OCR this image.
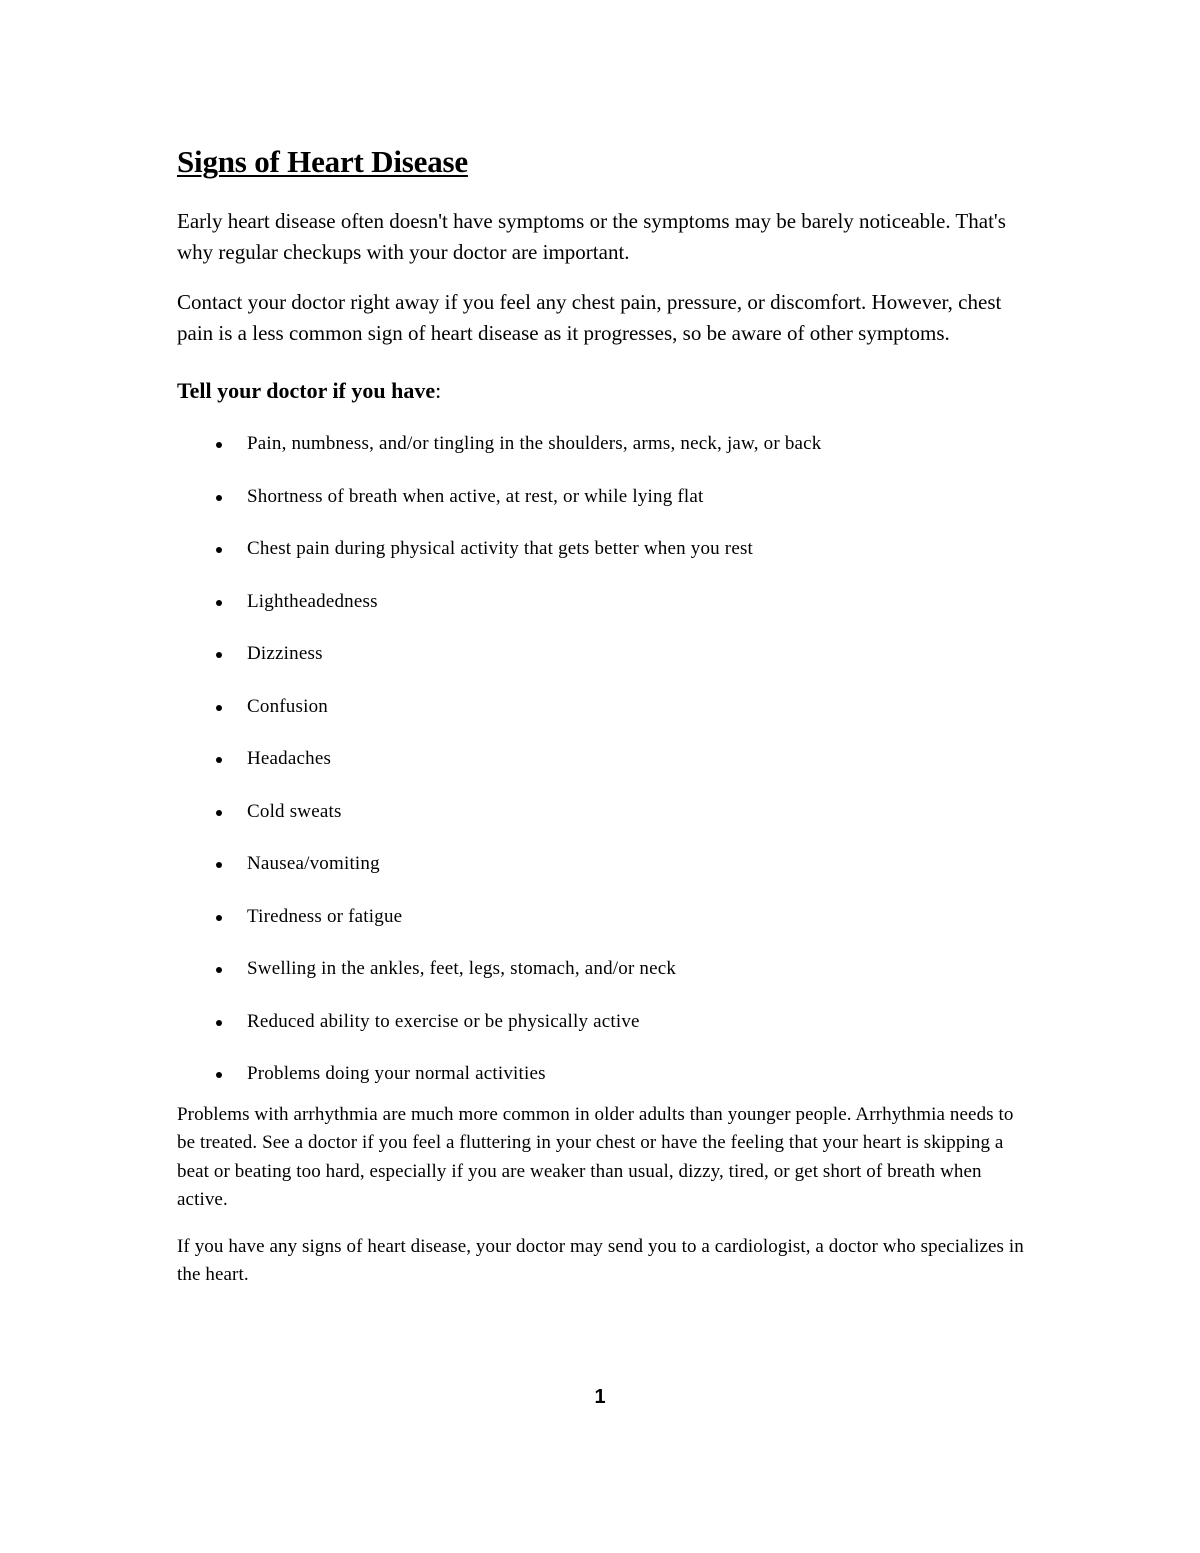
Signs of Heart Disease

Early heart disease often doesn't have symptoms or the symptoms may be barely noticeable. That's why regular checkups with your doctor are important.

Contact your doctor right away if you feel any chest pain, pressure, or discomfort. However, chest pain is a less common sign of heart disease as it progresses, so be aware of other symptoms.

Tell your doctor if you have:
Pain, numbness, and/or tingling in the shoulders, arms, neck, jaw, or back
Shortness of breath when active, at rest, or while lying flat
Chest pain during physical activity that gets better when you rest
Lightheadedness
Dizziness
Confusion
Headaches
Cold sweats
Nausea/vomiting
Tiredness or fatigue
Swelling in the ankles, feet, legs, stomach, and/or neck
Reduced ability to exercise or be physically active
Problems doing your normal activities

Problems with arrhythmia are much more common in older adults than younger people. Arrhythmia needs to be treated. See a doctor if you feel a fluttering in your chest or have the feeling that your heart is skipping a beat or beating too hard, especially if you are weaker than usual, dizzy, tired, or get short of breath when active.

If you have any signs of heart disease, your doctor may send you to a cardiologist, a doctor who specializes in the heart.

1
